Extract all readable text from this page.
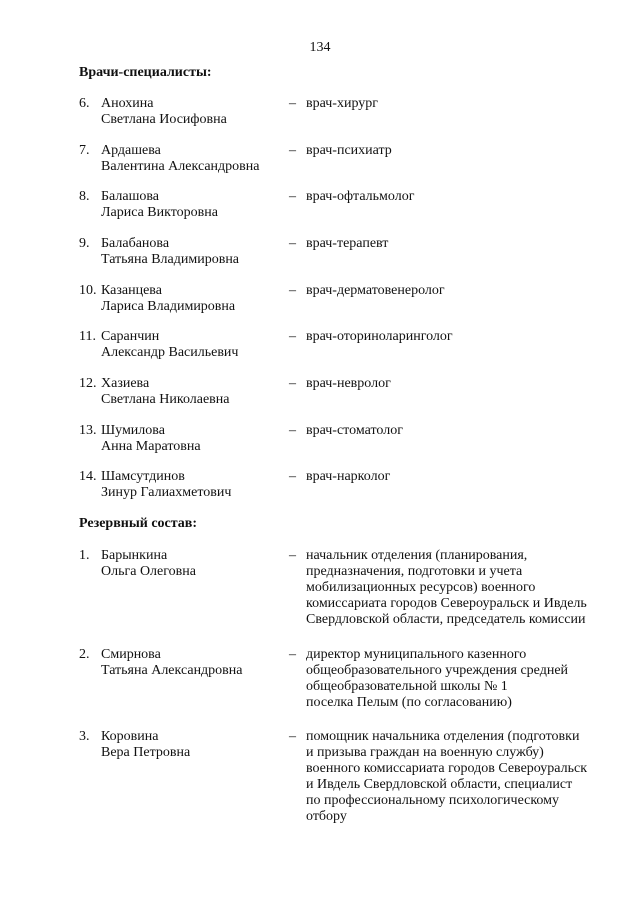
134
Врачи-специалисты:
6. Анохина
Светлана Иосифовна
– врач-хирург
7. Ардашева
Валентина Александровна
– врач-психиатр
8. Балашова
Лариса Викторовна
– врач-офтальмолог
9. Балабанова
Татьяна Владимировна
– врач-терапевт
10. Казанцева
Лариса Владимировна
– врач-дерматовенеролог
11. Саранчин
Александр Васильевич
– врач-оториноларинголог
12. Хазиева
Светлана Николаевна
– врач-невролог
13. Шумилова
Анна Маратовна
– врач-стоматолог
14. Шамсутдинов
Зинур Галиахметович
– врач-нарколог
Резервный состав:
1. Барынкина
Ольга Олеговна
– начальник отделения (планирования,
предназначения, подготовки и учета
мобилизационных ресурсов) военного
комиссариата городов Североуральск и Ивдель
Свердловской области, председатель комиссии
2. Смирнова
Татьяна Александровна
– директор муниципального казенного
общеобразовательного учреждения средней
общеобразовательной школы № 1
поселка Пелым (по согласованию)
3. Коровина
Вера Петровна
– помощник начальника отделения (подготовки
и призыва граждан на военную службу)
военного комиссариата городов Североуральск
и Ивдель Свердловской области, специалист
по профессиональному психологическому
отбору
